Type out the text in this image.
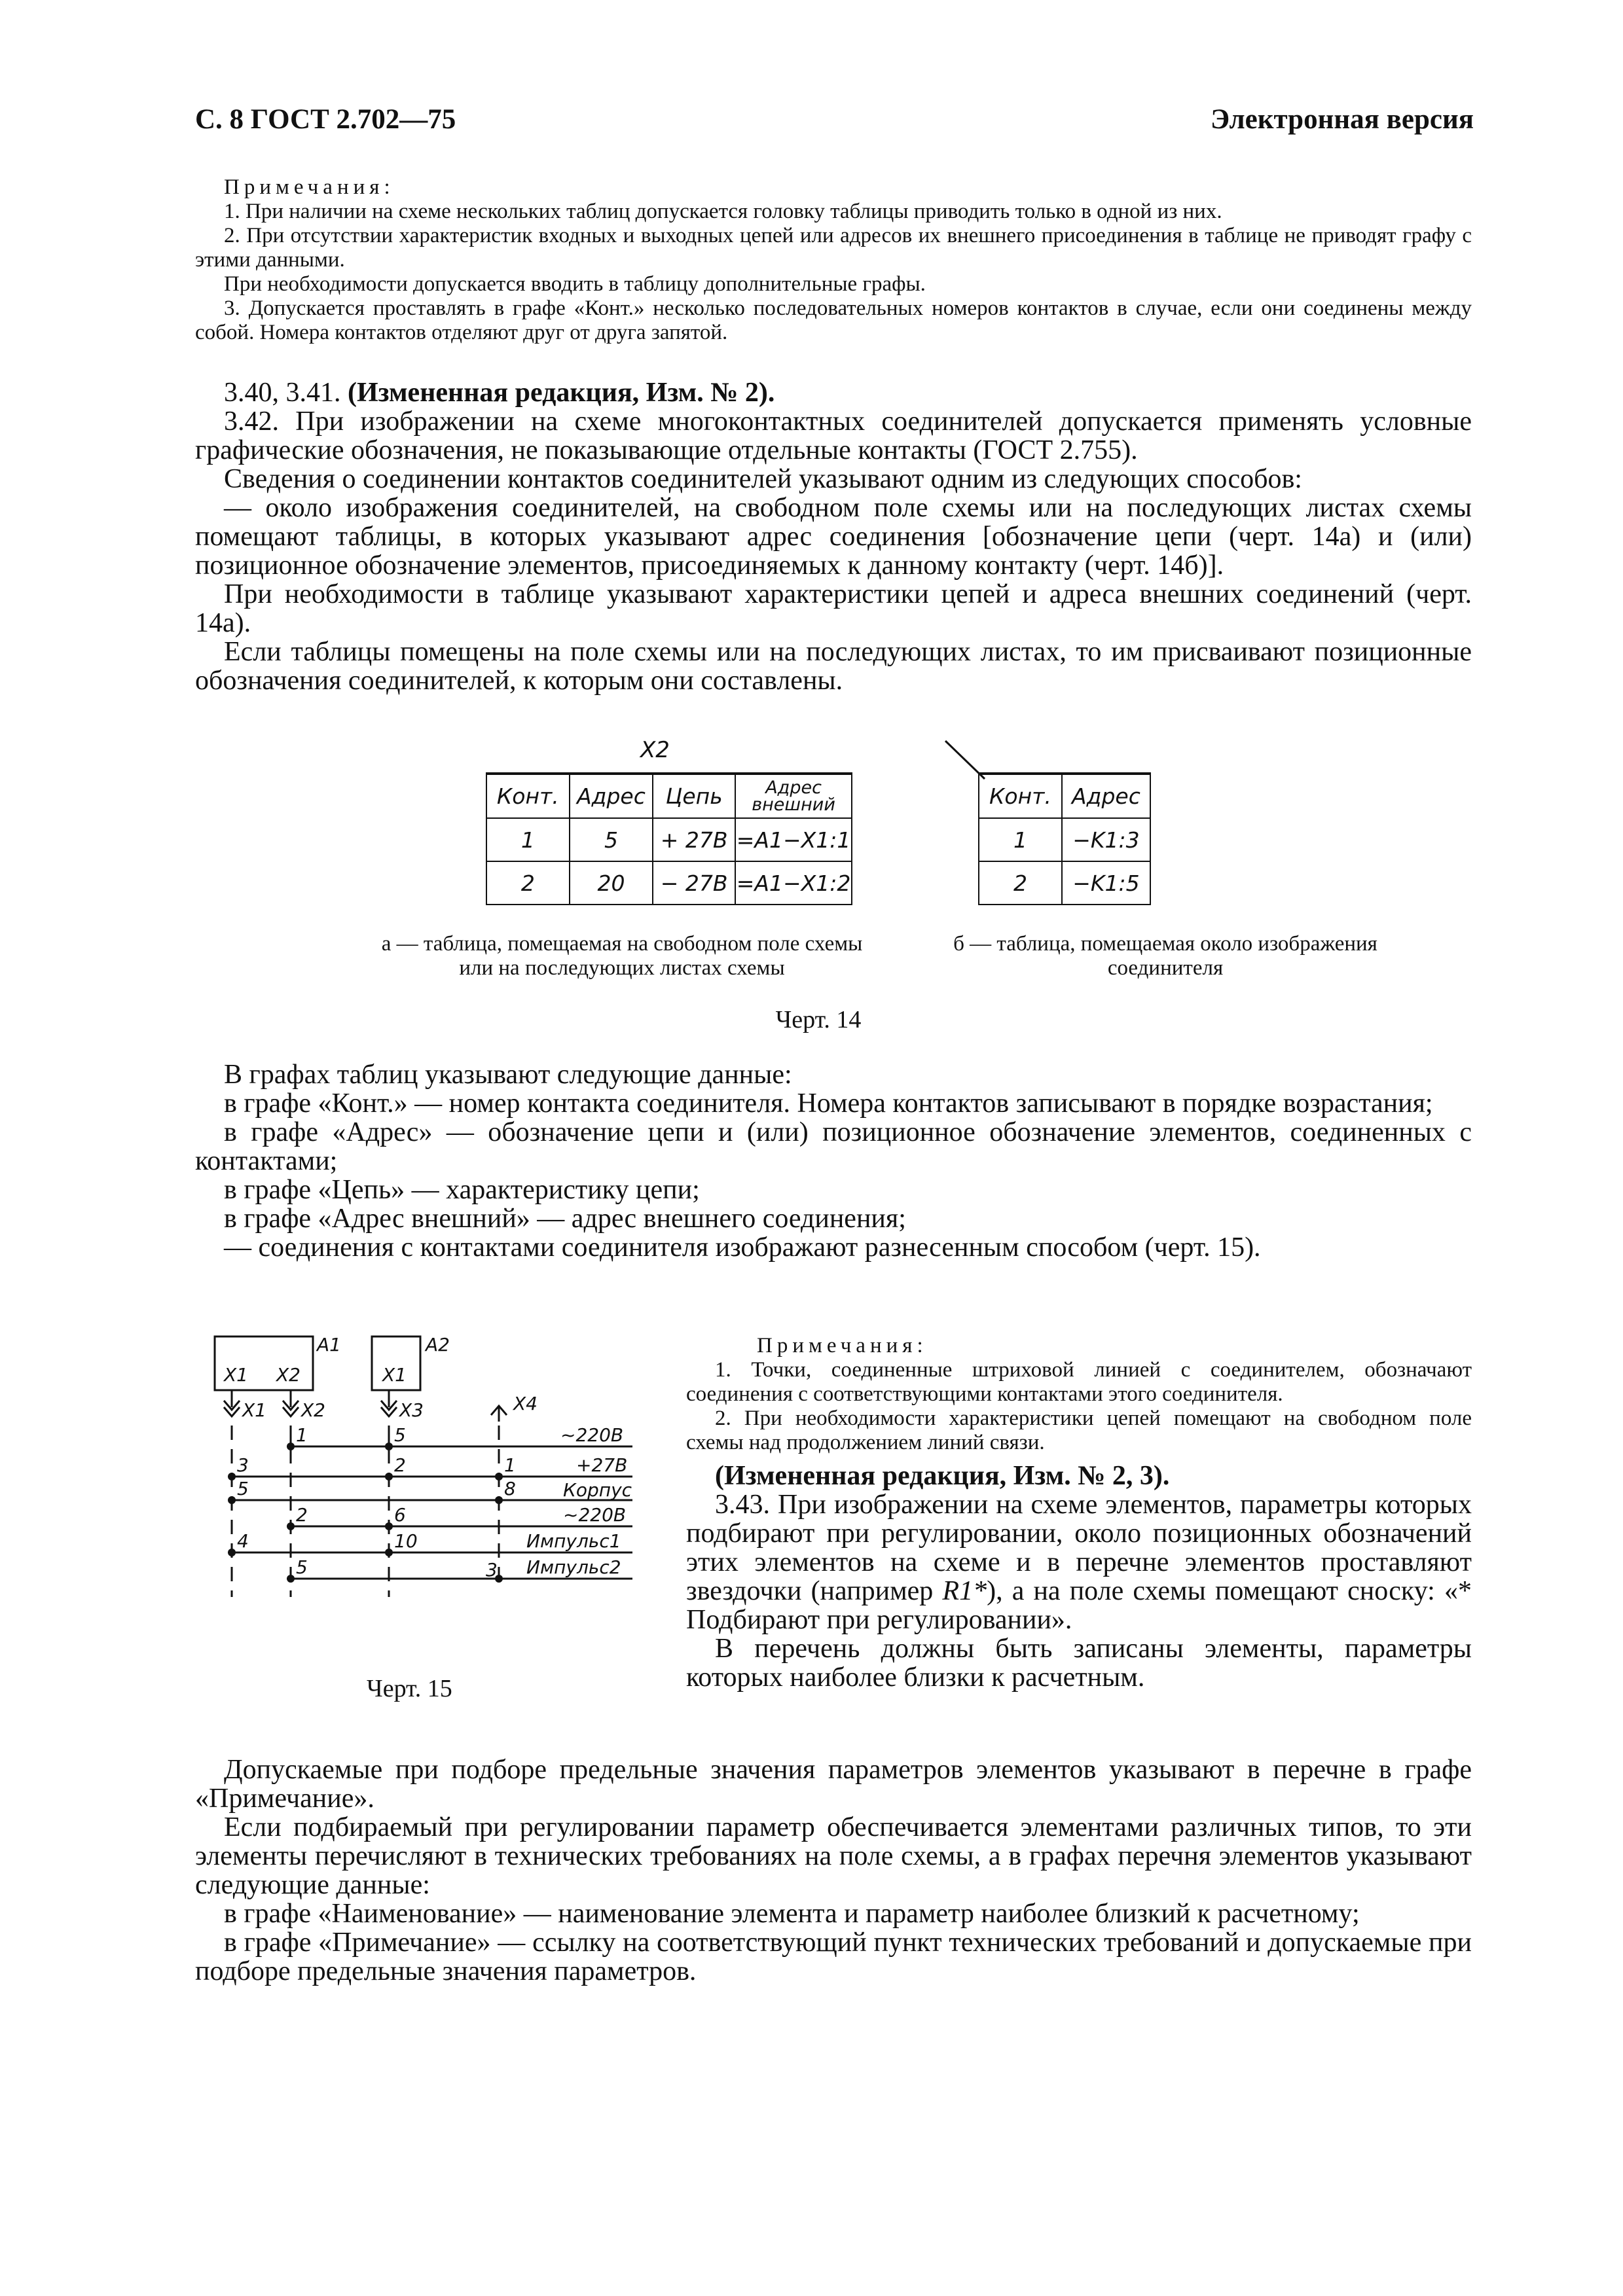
С. 8 ГОСТ 2.702—75	Электронная версия

Примечания:

1. При наличии на схеме нескольких таблиц допускается головку таблицы приводить только в одной из них.

2. При отсутствии характеристик входных и выходных цепей или адресов их внешнего присоединения в таблице не приводят графу с этими данными.

При необходимости допускается вводить в таблицу дополнительные графы.

3. Допускается проставлять в графе «Конт.» несколько последовательных номеров контактов в случае, если они соединены между собой. Номера контактов отделяют друг от друга запятой.

3.40, 3.41. (Измененная редакция, Изм. № 2).

3.42. При изображении на схеме многоконтактных соединителей допускается применять условные графические обозначения, не показывающие отдельные контакты (ГОСТ 2.755).

Сведения о соединении контактов соединителей указывают одним из следующих способов:

— около изображения соединителей, на свободном поле схемы или на последующих листах схемы помещают таблицы, в которых указывают адрес соединения [обозначение цепи (черт. 14а) и (или) позиционное обозначение элементов, присоединяемых к данному контакту (черт. 14б)].

При необходимости в таблице указывают характеристики цепей и адреса внешних соединений (черт. 14а).

Если таблицы помещены на поле схемы или на последующих листах, то им присваивают позиционные обозначения соединителей, к которым они составлены.

X2
Конт.	Адрес	Цепь	Адрес внешний
1	5	+ 27В	=A1−X1:1
2	20	− 27В	=A1−X1:2
Конт.	Адрес
1	−K1:3
2	−K1:5
а — таблица, помещаемая на свободном поле схемы или на последующих листах схемы
б — таблица, помещаемая около изображения соединителя
Черт. 14

В графах таблиц указывают следующие данные:

в графе «Конт.» — номер контакта соединителя. Номера контактов записывают в порядке возрастания;

в графе «Адрес» — обозначение цепи и (или) позиционное обозначение элементов, соединенных с контактами;

в графе «Цепь» — характеристику цепи;

в графе «Адрес внешний» — адрес внешнего соединения;

— соединения с контактами соединителя изображают разнесенным способом (черт. 15).

X1 X2
A1
X1
A2
X1 X2	X3	X4
~220В
+27В
Корпус
~220В
Импульс1
Импульс2
1	5
3	2	1
5	8
2	6
4	10
5	3
Черт. 15

Примечания:

1. Точки, соединенные штриховой линией с соединителем, обозначают соединения с соответствующими контактами этого соединителя.

2. При необходимости характеристики цепей помещают на свободном поле схемы над продолжением линий связи.

(Измененная редакция, Изм. № 2, 3).

3.43. При изображении на схеме элементов, параметры которых подбирают при регулировании, около позиционных обозначений этих элементов на схеме и в перечне элементов проставляют звездочки (например R1*), а на поле схемы помещают сноску: «* Подбирают при регулировании».

В перечень должны быть записаны элементы, параметры которых наиболее близки к расчетным.

Допускаемые при подборе предельные значения параметров элементов указывают в перечне в графе «Примечание».

Если подбираемый при регулировании параметр обеспечивается элементами различных типов, то эти элементы перечисляют в технических требованиях на поле схемы, а в графах перечня элементов указывают следующие данные:

в графе «Наименование» — наименование элемента и параметр наиболее близкий к расчетному;

в графе «Примечание» — ссылку на соответствующий пункт технических требований и допускаемые при подборе предельные значения параметров.
